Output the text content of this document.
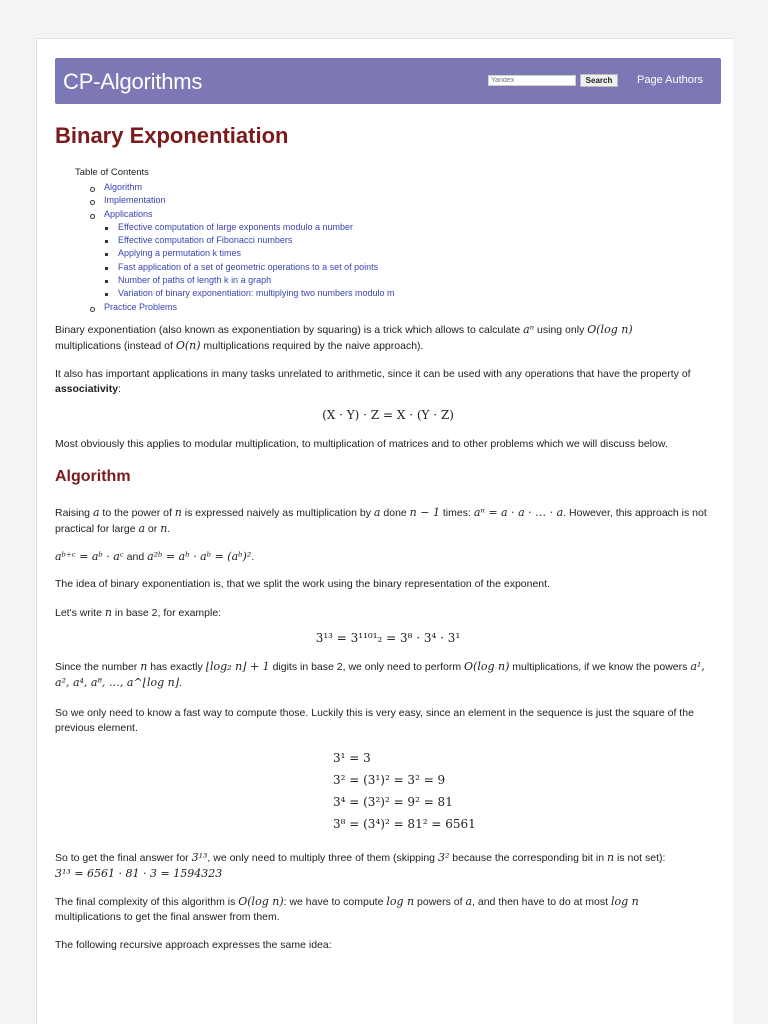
CP-Algorithms
Yandex	Search	Page Authors
Binary Exponentiation
Table of Contents
Algorithm
Implementation
Applications
Effective computation of large exponents modulo a number
Effective computation of Fibonacci numbers
Applying a permutation k times
Fast application of a set of geometric operations to a set of points
Number of paths of length k in a graph
Variation of binary exponentiation: multiplying two numbers modulo m
Practice Problems

Binary exponentiation (also known as exponentiation by squaring) is a trick which allows to calculate aⁿ using only O(log n)
multiplications (instead of O(n) multiplications required by the naive approach).

It also has important applications in many tasks unrelated to arithmetic, since it can be used with any operations that have the property of associativity:

(X · Y) · Z = X · (Y · Z)

Most obviously this applies to modular multiplication, to multiplication of matrices and to other problems which we will discuss below.

Algorithm

Raising a to the power of n is expressed naively as multiplication by a done n − 1 times: aⁿ = a · a · … · a. However, this approach is not practical for large a or n.

aᵇ⁺ᶜ = aᵇ · aᶜ and a²ᵇ = aᵇ · aᵇ = (aᵇ)².

The idea of binary exponentiation is, that we split the work using the binary representation of the exponent.

Let's write n in base 2, for example:

3¹³ = 3¹¹⁰¹₂ = 3⁸ · 3⁴ · 3¹

Since the number n has exactly ⌊log₂ n⌋ + 1 digits in base 2, we only need to perform O(log n) multiplications, if we know the powers a¹, a², a⁴, a⁸, …, a^⌊log n⌋.

So we only need to know a fast way to compute those. Luckily this is very easy, since an element in the sequence is just the square of the previous element.

3¹ = 3
3² = (3¹)² = 3² = 9
3⁴ = (3²)² = 9² = 81
3⁸ = (3⁴)² = 81² = 6561

So to get the final answer for 3¹³, we only need to multiply three of them (skipping 3² because the corresponding bit in n is not set):
3¹³ = 6561 · 81 · 3 = 1594323

The final complexity of this algorithm is O(log n): we have to compute log n powers of a, and then have to do at most log n
multiplications to get the final answer from them.

The following recursive approach expresses the same idea:
